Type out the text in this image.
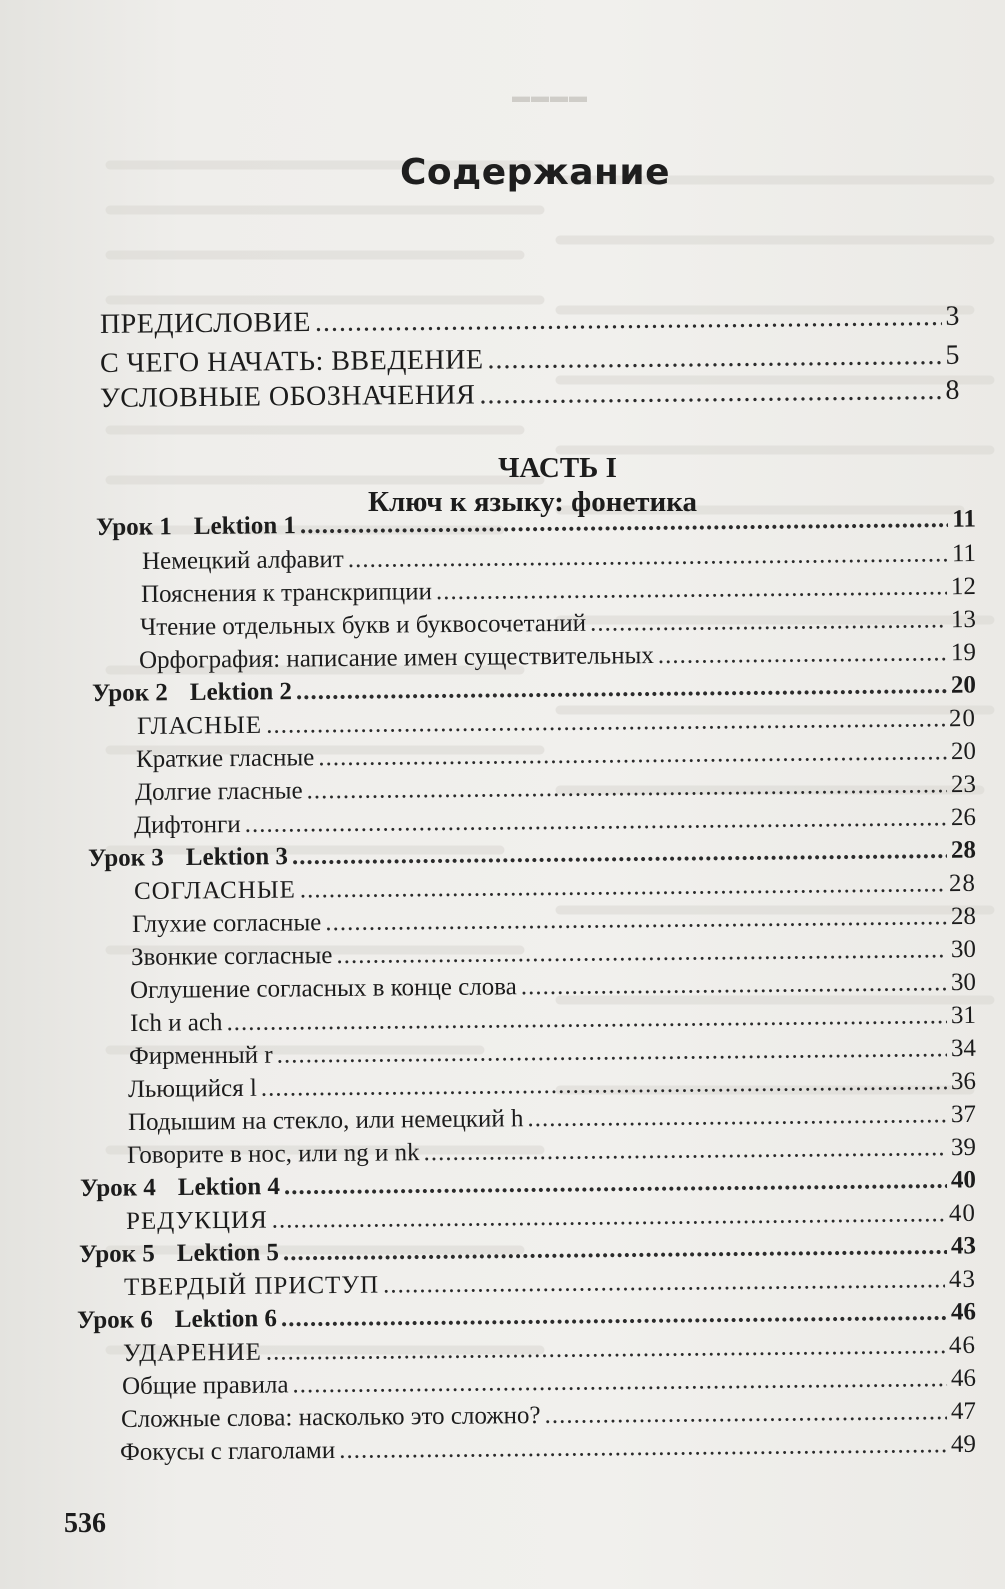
▬▬▬▬
Содержание
ПРЕДИСЛОВИЕ .....	3
С ЧЕГО НАЧАТЬ: ВВЕДЕНИЕ .....	5
УСЛОВНЫЕ ОБОЗНАЧЕНИЯ .....	8
ЧАСТЬ I
Ключ к языку: фонетика
Урок 1 Lektion 1 .....	11
Немецкий алфавит .....	11
Пояснения к транскрипции .....	12
Чтение отдельных букв и буквосочетаний .....	13
Орфография: написание имен существительных .....	19
Урок 2 Lektion 2 .....	20
ГЛАСНЫЕ .....	20
Краткие гласные .....	20
Долгие гласные .....	23
Дифтонги .....	26
Урок 3 Lektion 3 .....	28
СОГЛАСНЫЕ .....	28
Глухие согласные .....	28
Звонкие согласные .....	30
Оглушение согласных в конце слова .....	30
Ich и ach .....	31
Фирменный r .....	34
Льющийся l .....	36
Подышим на стекло, или немецкий h .....	37
Говорите в нос, или ng и nk .....	39
Урок 4 Lektion 4 .....	40
РЕДУКЦИЯ .....	40
Урок 5 Lektion 5 .....	43
ТВЕРДЫЙ ПРИСТУП .....	43
Урок 6 Lektion 6 .....	46
УДАРЕНИЕ .....	46
Общие правила .....	46
Сложные слова: насколько это сложно? .....	47
Фокусы с глаголами .....	49
536
